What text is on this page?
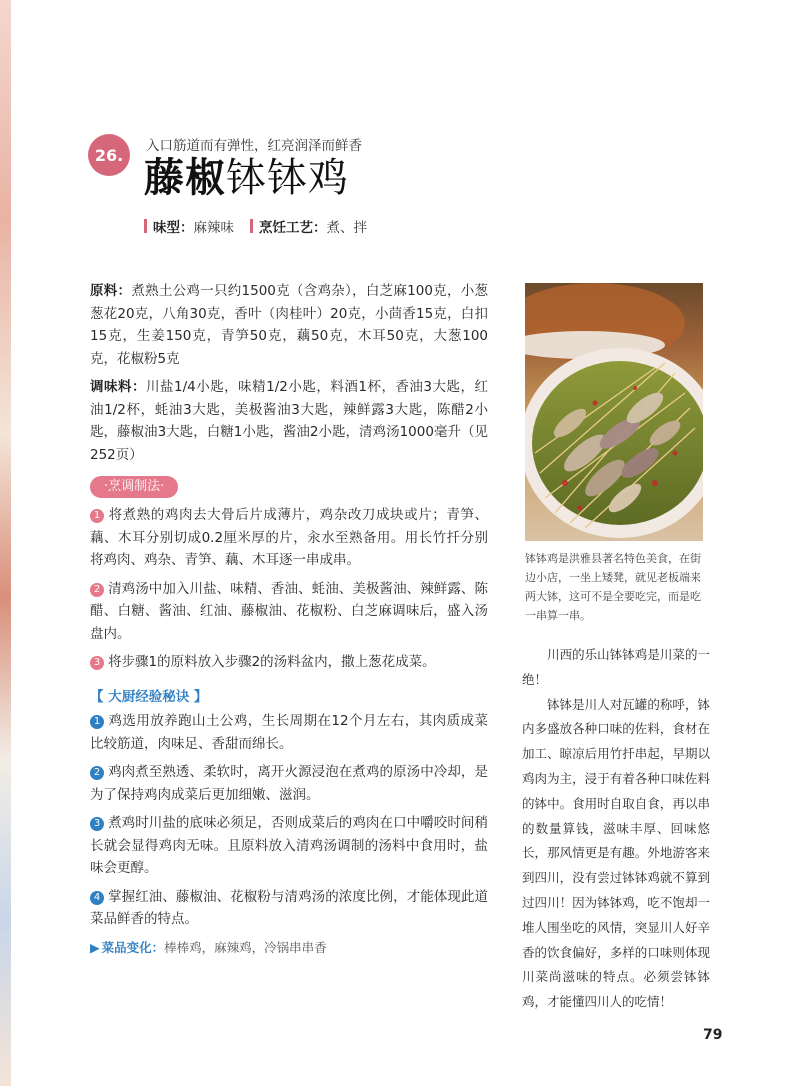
26. 入口筋道而有弹性，红亮润泽而鲜香
藤椒钵钵鸡
味型： 麻辣味 烹饪工艺： 煮、拌

原料：煮熟土公鸡一只约1500克（含鸡杂），白芝麻100克，小葱葱花20克，八角30克，香叶（肉桂叶）20克，小茴香15克，白扣15克，生姜150克，青笋50克，藕50克，木耳50克，大葱100克，花椒粉5克

调味料：川盐1/4小匙，味精1/2小匙，料酒1杯，香油3大匙，红油1/2杯，蚝油3大匙，美极酱油3大匙，辣鲜露3大匙，陈醋2小匙，藤椒油3大匙，白糖1小匙，酱油2小匙，清鸡汤1000毫升（见252页）

·烹调制法·

1 将煮熟的鸡肉去大骨后片成薄片，鸡杂改刀成块或片；青笋、藕、木耳分别切成0.2厘米厚的片，汆水至熟备用。用长竹扦分别将鸡肉、鸡杂、青笋、藕、木耳逐一串成串。

2 清鸡汤中加入川盐、味精、香油、蚝油、美极酱油、辣鲜露、陈醋、白糖、酱油、红油、藤椒油、花椒粉、白芝麻调味后，盛入汤盘内。

3 将步骤1的原料放入步骤2的汤料盆内，撒上葱花成菜。

【 大厨经验秘诀 】

1 鸡选用放养跑山土公鸡，生长周期在12个月左右，其肉质成菜比较筋道，肉味足、香甜而绵长。

2 鸡肉煮至熟透、柔软时，离开火源浸泡在煮鸡的原汤中冷却，是为了保持鸡肉成菜后更加细嫩、滋润。

3 煮鸡时川盐的底味必须足，否则成菜后的鸡肉在口中嚼咬时间稍长就会显得鸡肉无味。且原料放入清鸡汤调制的汤料中食用时，盐味会更醇。

4 掌握红油、藤椒油、花椒粉与清鸡汤的浓度比例，才能体现此道菜品鲜香的特点。

▶ 菜品变化：棒棒鸡，麻辣鸡，冷锅串串香
钵钵鸡是洪雅县著名特色美食，在街边小店，一坐上矮凳，就见老板端来两大钵，这可不是全要吃完，而是吃一串算一串。

川西的乐山钵钵鸡是川菜的一绝！

钵钵是川人对瓦罐的称呼，钵内多盛放各种口味的佐料，食材在加工、晾凉后用竹扦串起，早期以鸡肉为主，浸于有着各种口味佐料的钵中。食用时自取自食，再以串的数量算钱，滋味丰厚、回味悠长，那风情更是有趣。外地游客来到四川，没有尝过钵钵鸡就不算到过四川！因为钵钵鸡，吃不饱却一堆人围坐吃的风情，突显川人好辛香的饮食偏好，多样的口味则体现川菜尚滋味的特点。必须尝钵钵鸡，才能懂四川人的吃情！

79
